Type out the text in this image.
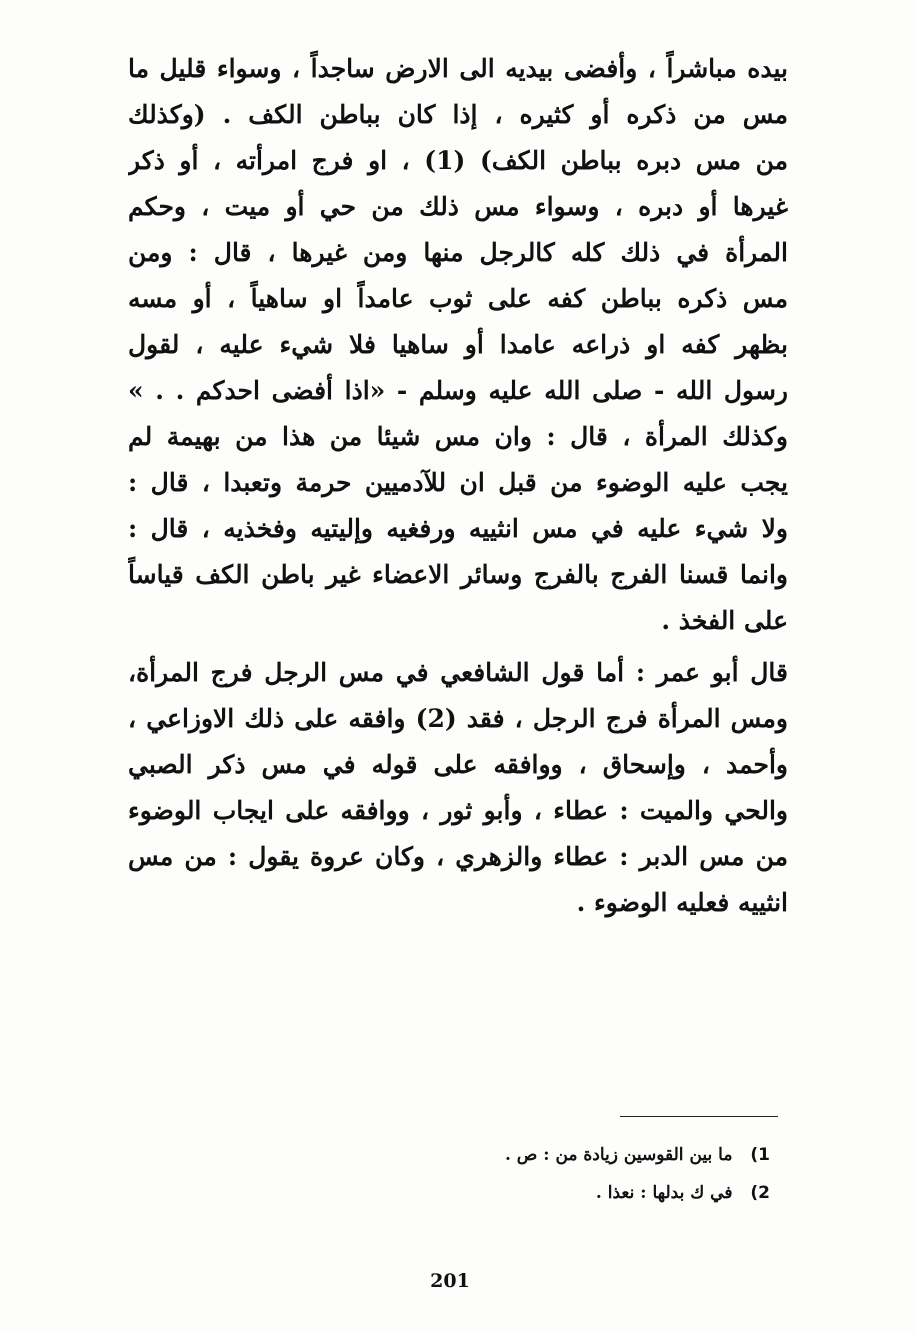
بيده مباشراً ، وأفضى بيديه الى الارض ساجداً ، وسواء قليل ما
مس من ذكره أو كثيره ، إذا كان بباطن الكف . (وكذلك
من مس دبره بباطن الكف) (1) ، او فرج امرأته ، أو ذكر
غيرها أو دبره ، وسواء مس ذلك من حي أو ميت ، وحكم
المرأة في ذلك كله كالرجل منها ومن غيرها ، قال : ومن
مس ذكره بباطن كفه على ثوب عامداً او ساهياً ، أو مسه
بظهر كفه او ذراعه عامدا أو ساهيا فلا شيء عليه ، لقول
رسول الله - صلى الله عليه وسلم - «اذا أفضى احدكم . . »
وكذلك المرأة ، قال : وان مس شيئا من هذا من بهيمة لم
يجب عليه الوضوء من قبل ان للآدميين حرمة وتعبدا ، قال :
ولا شيء عليه في مس انثييه ورفغيه وإليتيه وفخذيه ، قال :
وانما قسنا الفرج بالفرج وسائر الاعضاء غير باطن الكف قياساً
على الفخذ .
قال أبو عمر : أما قول الشافعي في مس الرجل فرج المرأة،
ومس المرأة فرج الرجل ، فقد (2) وافقه على ذلك الاوزاعي ،
وأحمد ، وإسحاق ، ووافقه على قوله في مس ذكر الصبي
والحي والميت : عطاء ، وأبو ثور ، ووافقه على ايجاب الوضوء
من مس الدبر : عطاء والزهري ، وكان عروة يقول : من مس
انثييه فعليه الوضوء .
1) ما بين القوسين زيادة من : ص .
2) في ك بدلها : نعذا .
201
